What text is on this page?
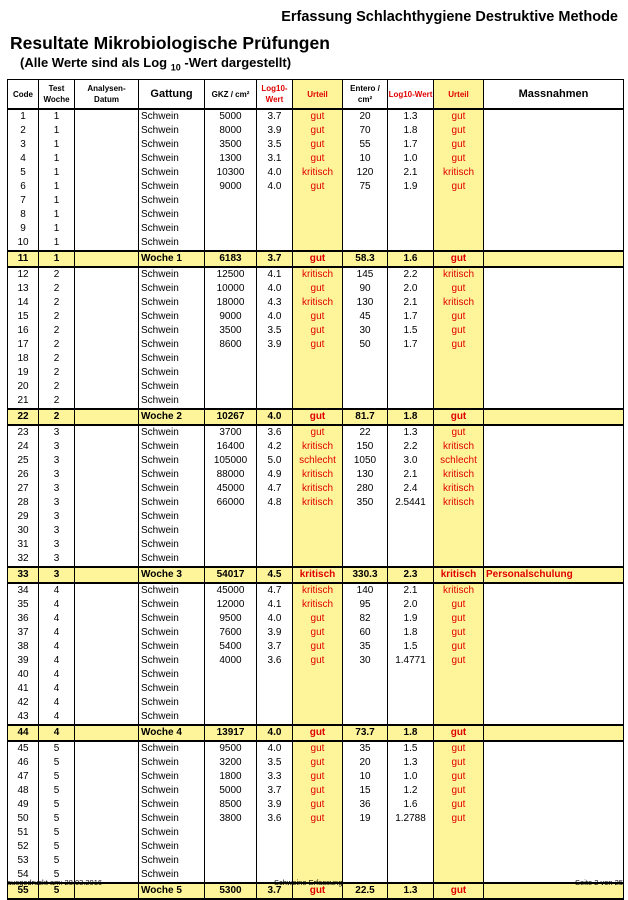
Erfassung Schlachthygiene Destruktive Methode
Resultate Mikrobiologische Prüfungen
(Alle Werte sind als Log $_{10}$ -Wert dargestellt)
Code	Test Woche	Analysen-Datum	Gattung	GKZ / cm²	Log10-Wert	Urteil	Entero / cm²	Log10-Wert	Urteil	Massnahmen
1	1		Schwein	5000	3.7	gut	20	1.3	gut	
2	1		Schwein	8000	3.9	gut	70	1.8	gut	
3	1		Schwein	3500	3.5	gut	55	1.7	gut	
4	1		Schwein	1300	3.1	gut	10	1.0	gut	
5	1		Schwein	10300	4.0	kritisch	120	2.1	kritisch	
6	1		Schwein	9000	4.0	gut	75	1.9	gut	
7	1		Schwein							
8	1		Schwein							
9	1		Schwein							
10	1		Schwein							
11	1		Woche 1	6183	3.7	gut	58.3	1.6	gut	
12	2		Schwein	12500	4.1	kritisch	145	2.2	kritisch	
13	2		Schwein	10000	4.0	gut	90	2.0	gut	
14	2		Schwein	18000	4.3	kritisch	130	2.1	kritisch	
15	2		Schwein	9000	4.0	gut	45	1.7	gut	
16	2		Schwein	3500	3.5	gut	30	1.5	gut	
17	2		Schwein	8600	3.9	gut	50	1.7	gut	
18	2		Schwein							
19	2		Schwein							
20	2		Schwein							
21	2		Schwein							
22	2		Woche 2	10267	4.0	gut	81.7	1.8	gut	
23	3		Schwein	3700	3.6	gut	22	1.3	gut	
24	3		Schwein	16400	4.2	kritisch	150	2.2	kritisch	
25	3		Schwein	105000	5.0	schlecht	1050	3.0	schlecht	
26	3		Schwein	88000	4.9	kritisch	130	2.1	kritisch	
27	3		Schwein	45000	4.7	kritisch	280	2.4	kritisch	
28	3		Schwein	66000	4.8	kritisch	350	2.5441	kritisch	
29	3		Schwein							
30	3		Schwein							
31	3		Schwein							
32	3		Schwein							
33	3		Woche 3	54017	4.5	kritisch	330.3	2.3	kritisch	Personalschulung
34	4		Schwein	45000	4.7	kritisch	140	2.1	kritisch	
35	4		Schwein	12000	4.1	kritisch	95	2.0	gut	
36	4		Schwein	9500	4.0	gut	82	1.9	gut	
37	4		Schwein	7600	3.9	gut	60	1.8	gut	
38	4		Schwein	5400	3.7	gut	35	1.5	gut	
39	4		Schwein	4000	3.6	gut	30	1.4771	gut	
40	4		Schwein							
41	4		Schwein							
42	4		Schwein							
43	4		Schwein							
44	4		Woche 4	13917	4.0	gut	73.7	1.8	gut	
45	5		Schwein	9500	4.0	gut	35	1.5	gut	
46	5		Schwein	3200	3.5	gut	20	1.3	gut	
47	5		Schwein	1800	3.3	gut	10	1.0	gut	
48	5		Schwein	5000	3.7	gut	15	1.2	gut	
49	5		Schwein	8500	3.9	gut	36	1.6	gut	
50	5		Schwein	3800	3.6	gut	19	1.2788	gut	
51	5		Schwein							
52	5		Schwein							
53	5		Schwein							
54	5		Schwein							
55	5		Woche 5	5300	3.7	gut	22.5	1.3	gut	
ausgedruckt am: 28.03.2016	Schweine Erfassung	Seite 2 von 25
